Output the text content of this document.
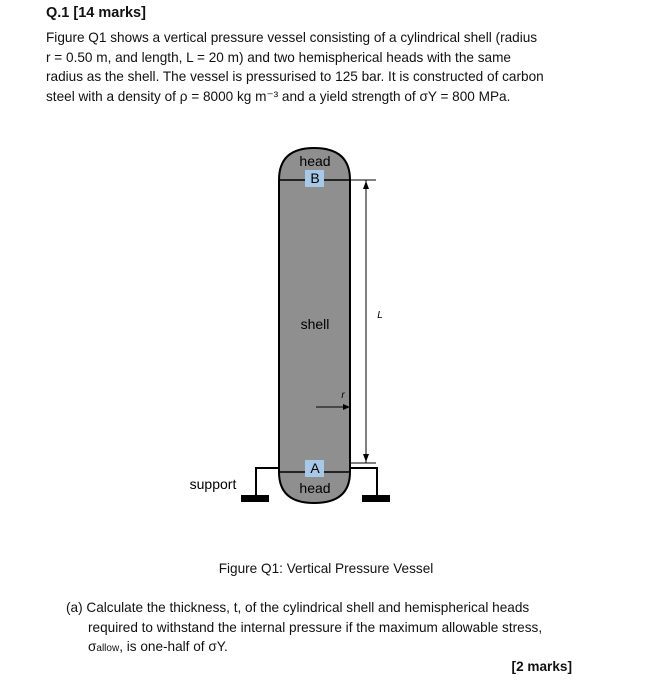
Q.1 [14 marks]
Figure Q1 shows a vertical pressure vessel consisting of a cylindrical shell (radius
r = 0.50 m, and length, L = 20 m) and two hemispherical heads with the same
radius as the shell. The vessel is pressurised to 125 bar. It is constructed of carbon
steel with a density of ρ = 8000 kg m⁻³ and a yield strength of σY = 800 MPa.
head
B
shell
A
head
support
L
r
Figure Q1: Vertical Pressure Vessel
(a) Calculate the thickness, t, of the cylindrical shell and hemispherical heads
required to withstand the internal pressure if the maximum allowable stress,
σallow, is one-half of σY.
[2 marks]
